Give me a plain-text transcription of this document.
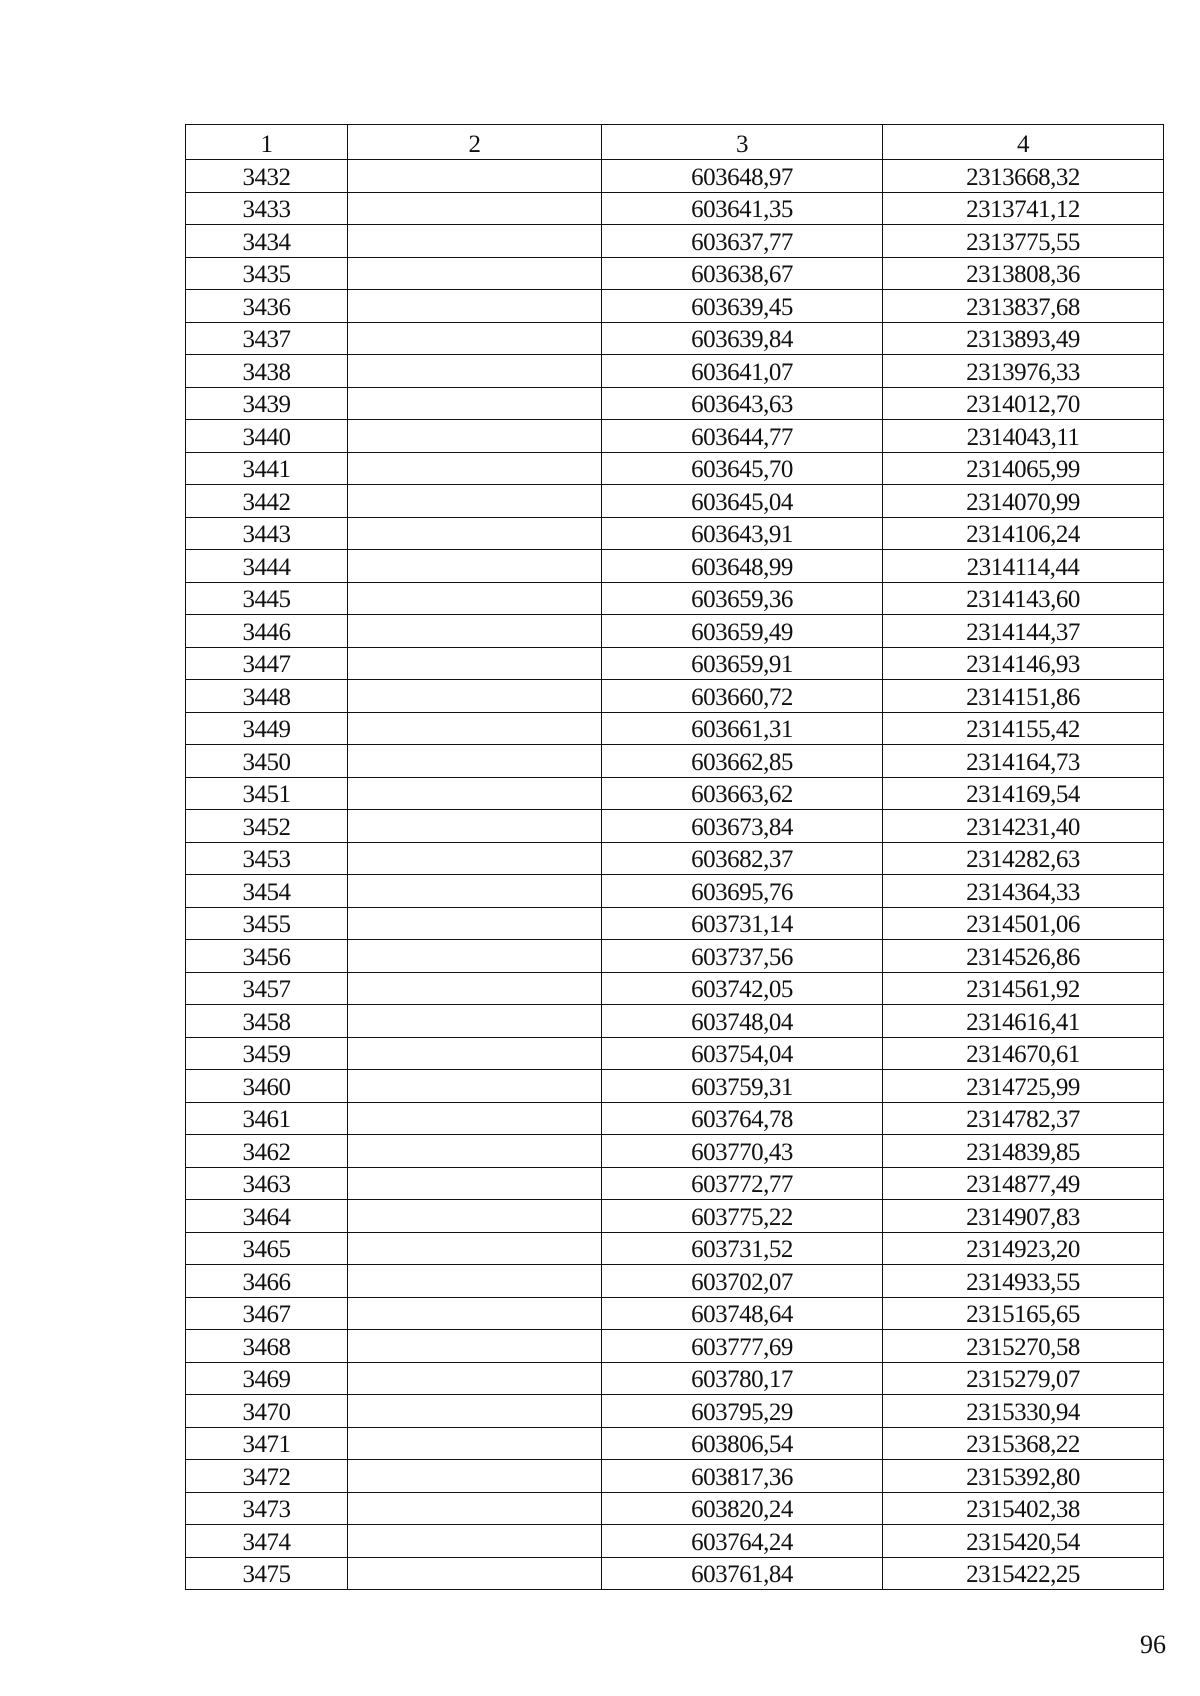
1	2	3	4
3432		603648,97	2313668,32
3433		603641,35	2313741,12
3434		603637,77	2313775,55
3435		603638,67	2313808,36
3436		603639,45	2313837,68
3437		603639,84	2313893,49
3438		603641,07	2313976,33
3439		603643,63	2314012,70
3440		603644,77	2314043,11
3441		603645,70	2314065,99
3442		603645,04	2314070,99
3443		603643,91	2314106,24
3444		603648,99	2314114,44
3445		603659,36	2314143,60
3446		603659,49	2314144,37
3447		603659,91	2314146,93
3448		603660,72	2314151,86
3449		603661,31	2314155,42
3450		603662,85	2314164,73
3451		603663,62	2314169,54
3452		603673,84	2314231,40
3453		603682,37	2314282,63
3454		603695,76	2314364,33
3455		603731,14	2314501,06
3456		603737,56	2314526,86
3457		603742,05	2314561,92
3458		603748,04	2314616,41
3459		603754,04	2314670,61
3460		603759,31	2314725,99
3461		603764,78	2314782,37
3462		603770,43	2314839,85
3463		603772,77	2314877,49
3464		603775,22	2314907,83
3465		603731,52	2314923,20
3466		603702,07	2314933,55
3467		603748,64	2315165,65
3468		603777,69	2315270,58
3469		603780,17	2315279,07
3470		603795,29	2315330,94
3471		603806,54	2315368,22
3472		603817,36	2315392,80
3473		603820,24	2315402,38
3474		603764,24	2315420,54
3475		603761,84	2315422,25
96
